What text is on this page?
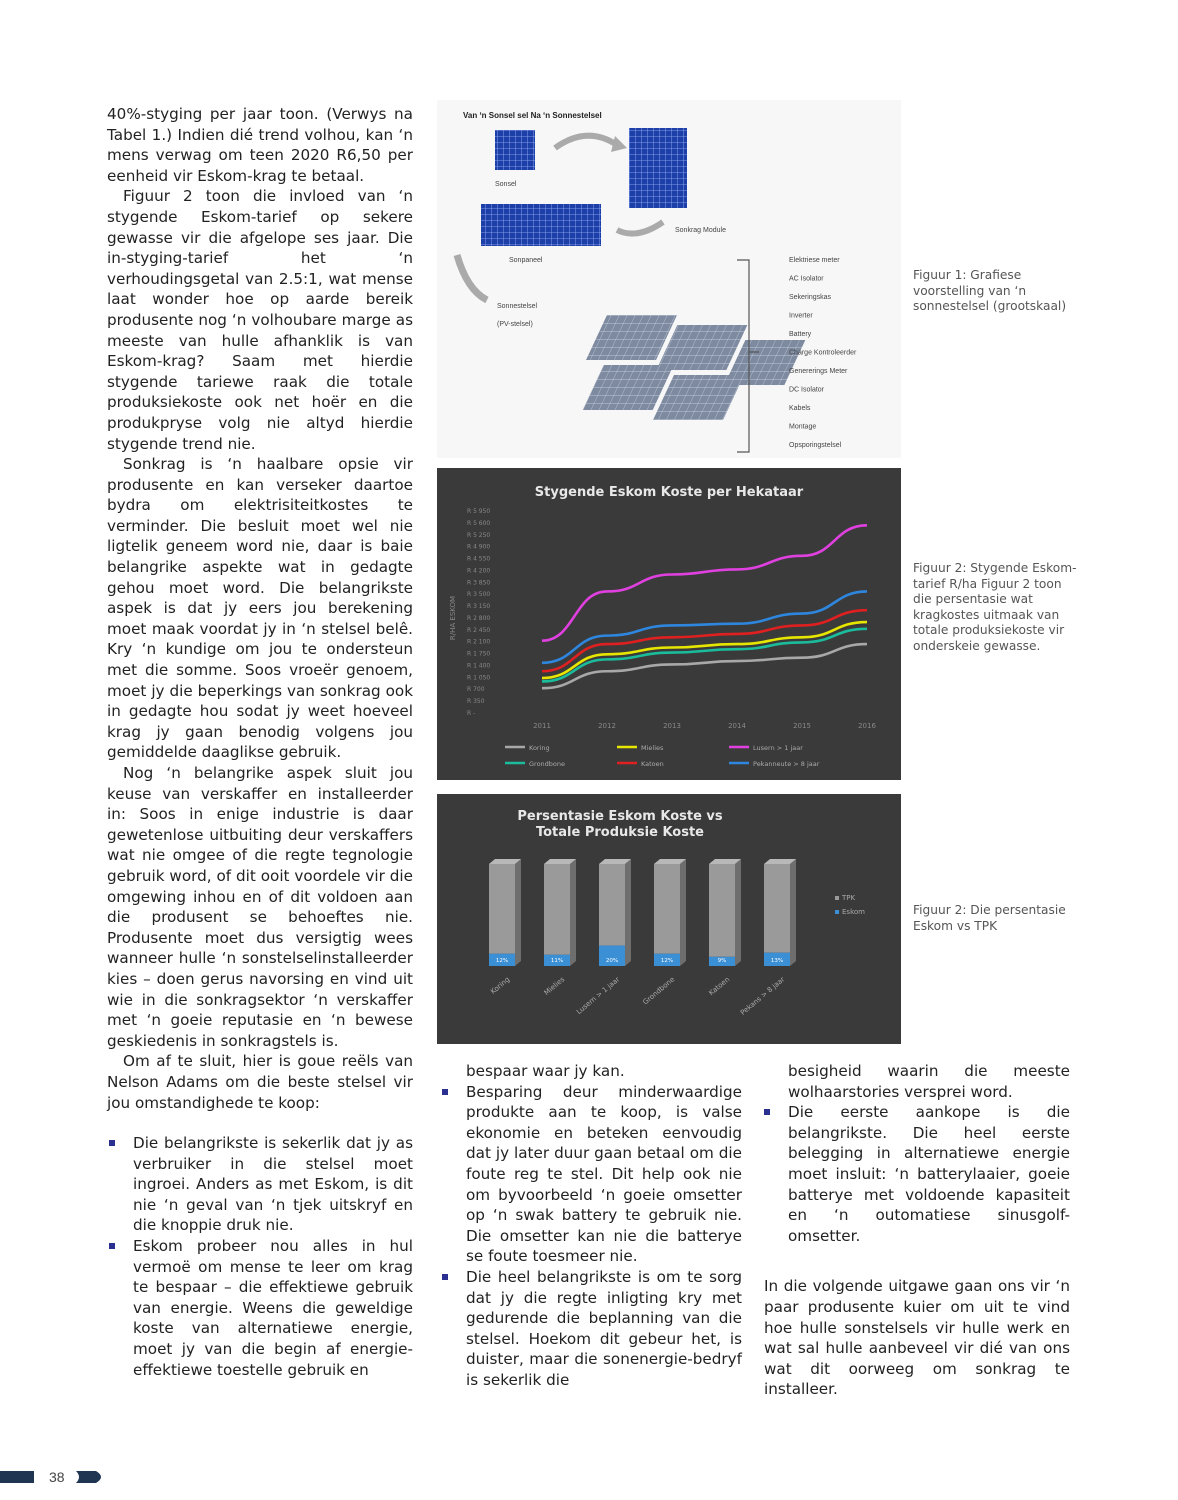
40%-styging per jaar toon. (Verwys na Tabel 1.) Indien dié trend volhou, kan ‘n mens verwag om teen 2020 R6,50 per eenheid vir Eskom-krag te betaal.

Figuur 2 toon die invloed van ‘n stygende Eskom-tarief op sekere gewasse vir die afgelope ses jaar. Die in-styging-tarief het ‘n verhoudingsgetal van 2.5:1, wat mense laat wonder hoe op aarde bereik produsente nog ‘n volhoubare marge as meeste van hulle afhanklik is van Eskom-krag? Saam met hierdie stygende tariewe raak die totale produksiekoste ook net hoër en die produkpryse volg nie altyd hierdie stygende trend nie.

Sonkrag is ‘n haalbare opsie vir produsente en kan verseker daartoe bydra om elektrisiteitkostes te verminder. Die besluit moet wel nie ligtelik geneem word nie, daar is baie belangrike aspekte wat in gedagte gehou moet word. Die belangrikste aspek is dat jy eers jou berekening moet maak voordat jy in ‘n stelsel belê. Kry ‘n kundige om jou te ondersteun met die somme. Soos vroeër genoem, moet jy die beperkings van sonkrag ook in gedagte hou sodat jy weet hoeveel krag jy gaan benodig volgens jou gemiddelde daaglikse gebruik.

Nog ‘n belangrike aspek sluit jou keuse van verskaffer en installeerder in: Soos in enige industrie is daar gewetenlose uitbuiting deur verskaffers wat nie omgee of die regte tegnologie gebruik word, of dit ooit voordele vir die omgewing inhou en of dit voldoen aan die produsent se behoeftes nie. Produsente moet dus versigtig wees wanneer hulle ‘n sonstelselinstalleerder kies – doen gerus navorsing en vind uit wie in die sonkragsektor ‘n verskaffer met ‘n goeie reputasie en ‘n bewese geskiedenis in sonkragstels is.

Om af te sluit, hier is goue reëls van Nelson Adams om die beste stelsel vir jou omstandighede te koop:

Die belangrikste is sekerlik dat jy as verbruiker in die stelsel moet ingroei. Anders as met Eskom, is dit nie ‘n geval van ‘n tjek uitskryf en die knoppie druk nie.
Eskom probeer nou alles in hul vermoë om mense te leer om krag te bespaar – die effektiewe gebruik van energie. Weens die geweldige koste van alternatiewe energie, moet jy van die begin af energie-effektiewe toestelle gebruik en
bespaar waar jy kan.
Besparing deur minderwaardige produkte aan te koop, is valse ekonomie en beteken eenvoudig dat jy later duur gaan betaal om die foute reg te stel. Dit help ook nie om byvoorbeeld ‘n goeie omsetter op ‘n swak battery te gebruik nie. Die omsetter kan nie die batterye se foute toesmeer nie.
Die heel belangrikste is om te sorg dat jy die regte inligting kry met gedurende die beplanning van die stelsel. Hoekom dit gebeur het, is duister, maar die sonenergie-bedryf is sekerlik die
besigheid waarin die meeste wolhaarstories versprei word.
Die eerste aankope is die belangrikste. Die heel eerste belegging in alternatiewe energie moet insluit: ‘n batterylaaier, goeie batterye met voldoende kapasiteit en ‘n outomatiese sinusgolf-omsetter.

In die volgende uitgawe gaan ons vir ‘n paar produsente kuier om uit te vind hoe hulle sonstelsels vir hulle werk en wat sal hulle aanbeveel vir dié van ons wat dit oorweeg om sonkrag te installeer.

Van ‘n Sonsel sel Na ‘n Sonnestelsel
Sonsel
Sonkrag Module
Sonpaneel
Sonnestelsel
(PV-stelsel)
Elektriese meter
AC Isolator
Sekeringskas
Inverter
Battery
Charge Kontroleerder
Genererings Meter
DC Isolator
Kabels
Montage
Opsporingstelsel
Figuur 1: Grafiese voorstelling van ‘n sonnestelsel (grootskaal)
Stygende Eskom Koste per Hekataar
R 5 950
R 5 600
R 5 250
R 4 900
R 4 550
R 4 200
R 3 850
R 3 500
R 3 150
R 2 800
R 2 450
R 2 100
R 1 750
R 1 400
R 1 050
R 700
R 350
R -
R/HA ESKOM
2011	2012	2013	2014	2015	2016
Koring	Mielies	Lusern > 1 jaar
Grondbone	Katoen	Pekanneute > 8 jaar
Figuur 2: Stygende Eskom-tarief R/ha Figuur 2 toon die persentasie wat kragkostes uitmaak van totale produksiekoste vir onderskeie gewasse.
Persentasie Eskom Koste vs
Totale Produksie Koste
12%
Koring
11%
Mielies
20%
Lusern > 1 jaar
12%
Grondbone
9%
Katoen
13%
Pekans > 8 jaar
TPK
Eskom	Figuur 2: Die persentasie Eskom vs TPK
38
